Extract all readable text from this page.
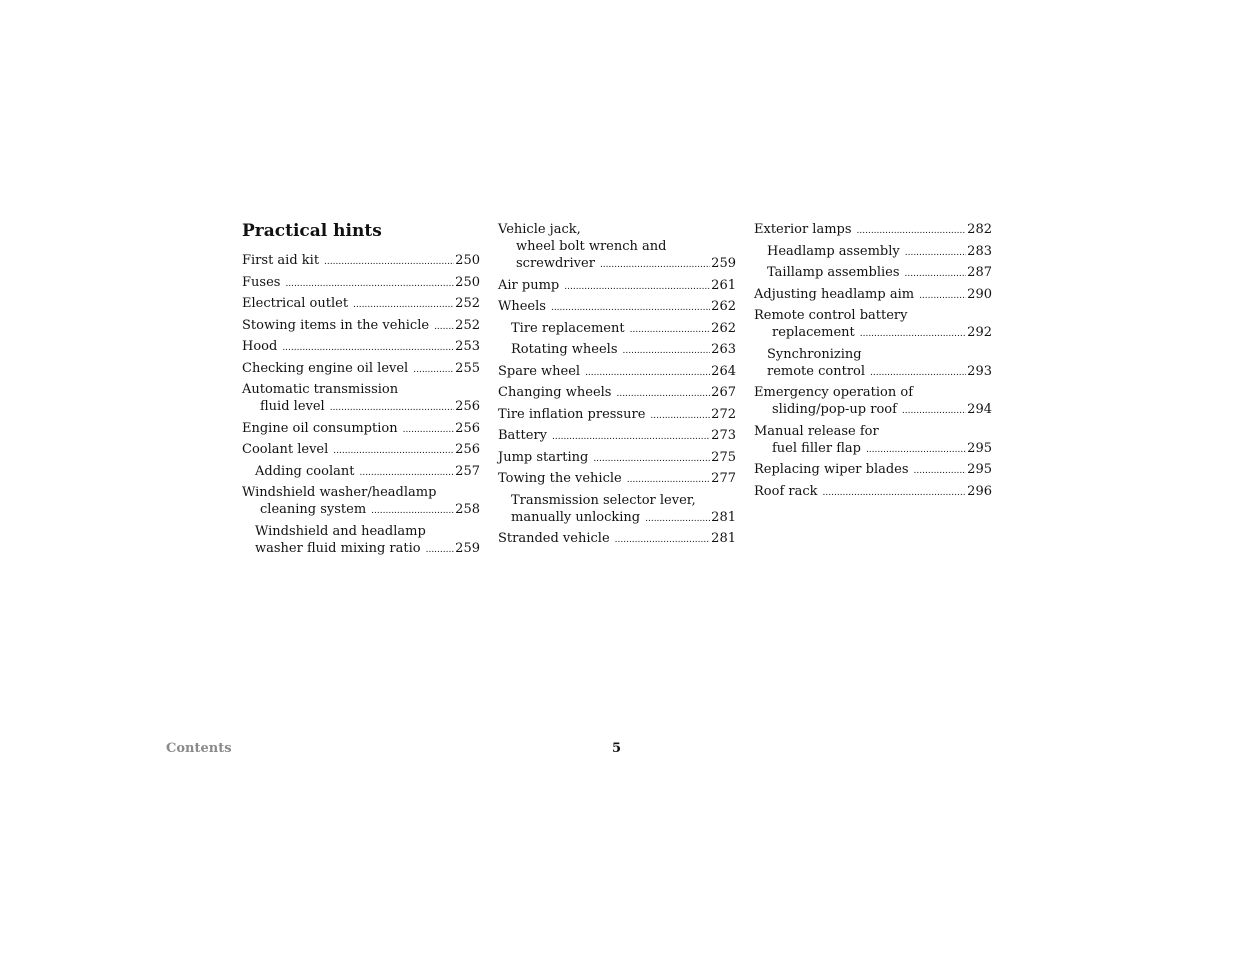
Practical hints
First aid kit .....	250
Fuses .....	250
Electrical outlet .....	252
Stowing items in the vehicle .....	252
Hood .....	253
Checking engine oil level .....	255
Automatic transmission
fluid level .....	256
Engine oil consumption .....	256
Coolant level .....	256
Adding coolant .....	257
Windshield washer/headlamp
cleaning system .....	258
Windshield and headlamp
washer fluid mixing ratio .....	259
Vehicle jack,
wheel bolt wrench and
screwdriver .....	259
Air pump .....	261
Wheels .....	262
Tire replacement .....	262
Rotating wheels .....	263
Spare wheel .....	264
Changing wheels .....	267
Tire inflation pressure .....	272
Battery .....	273
Jump starting .....	275
Towing the vehicle .....	277
Transmission selector lever,
manually unlocking .....	281
Stranded vehicle .....	281
Exterior lamps .....	282
Headlamp assembly .....	283
Taillamp assemblies .....	287
Adjusting headlamp aim .....	290
Remote control battery
replacement .....	292
Synchronizing
remote control .....	293
Emergency operation of
sliding/pop-up roof .....	294
Manual release for
fuel filler flap .....	295
Replacing wiper blades .....	295
Roof rack .....	296
Contents	5
